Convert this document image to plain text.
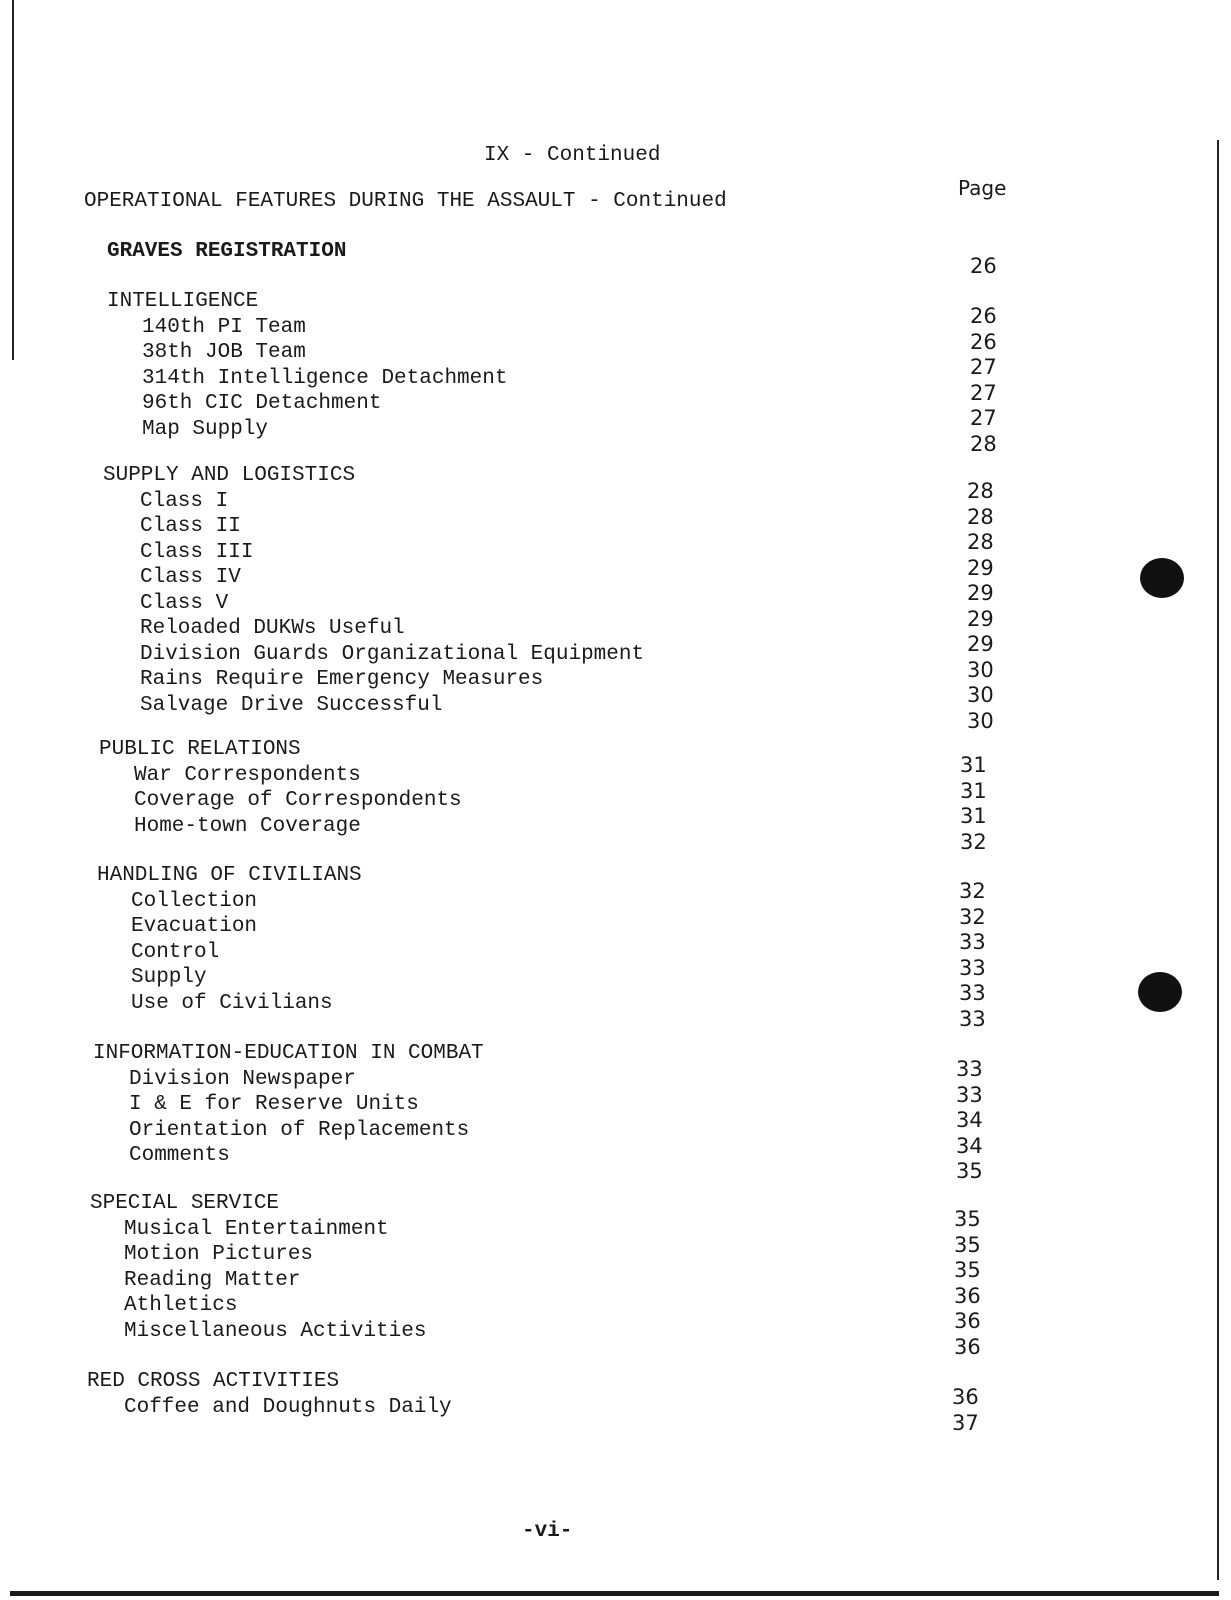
IX - Continued
OPERATIONAL FEATURES DURING THE ASSAULT - Continued
Page
GRAVES REGISTRATION
26
INTELLIGENCE
26
140th PI Team
26
38th JOB Team
27
314th Intelligence Detachment
27
96th CIC Detachment
27
Map Supply
28
SUPPLY AND LOGISTICS
28
Class I
28
Class II
28
Class III
29
Class IV
29
Class V
29
Reloaded DUKWs Useful
29
Division Guards Organizational Equipment
30
Rains Require Emergency Measures
30
Salvage Drive Successful
30
PUBLIC RELATIONS
31
War Correspondents
31
Coverage of Correspondents
31
Home-town Coverage
32
HANDLING OF CIVILIANS
32
Collection
32
Evacuation
33
Control
33
Supply
33
Use of Civilians
33
INFORMATION-EDUCATION IN COMBAT
33
Division Newspaper
33
I & E for Reserve Units
34
Orientation of Replacements
34
Comments
35
SPECIAL SERVICE
35
Musical Entertainment
35
Motion Pictures
35
Reading Matter
36
Athletics
36
Miscellaneous Activities
36
RED CROSS ACTIVITIES
36
Coffee and Doughnuts Daily
37
-vi-
